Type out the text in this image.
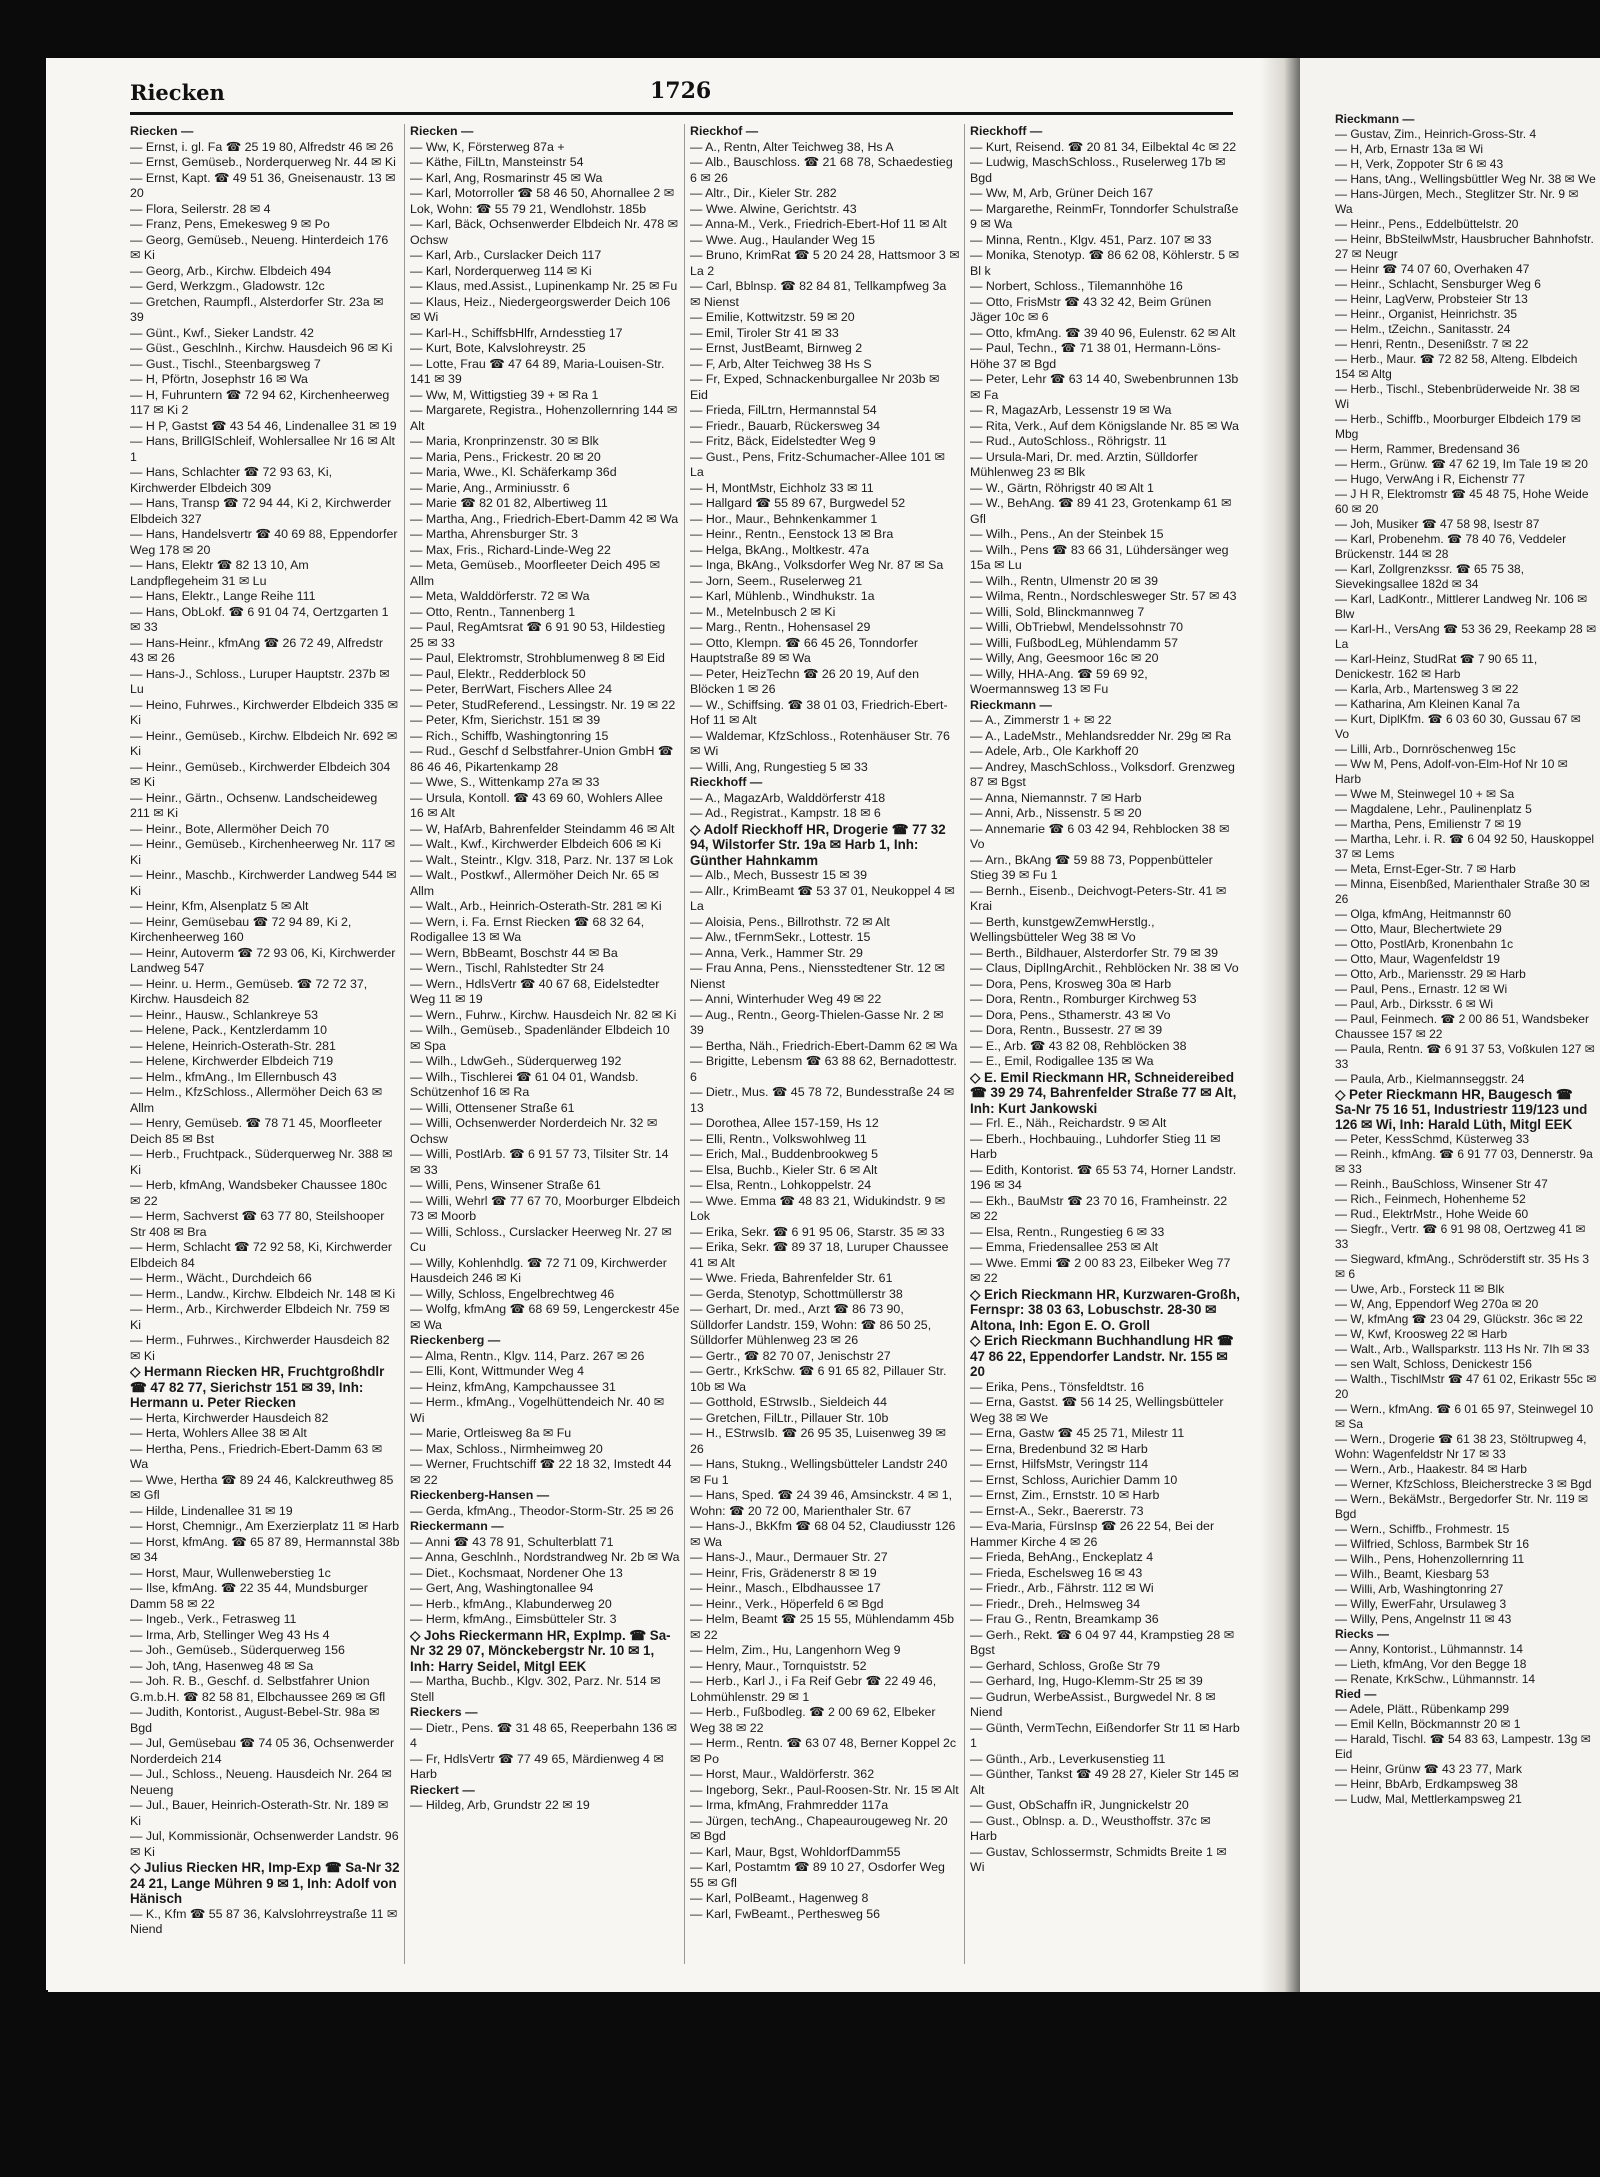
Riecken	1726

Riecken —

— Ernst, i. gl. Fa ☎ 25 19 80, Alfredstr 46 ✉ 26

— Ernst, Gemüseb., Norderquerweg Nr. 44 ✉ Ki

— Ernst, Kapt. ☎ 49 51 36, Gneisenaustr. 13 ✉ 20

— Flora, Seilerstr. 28 ✉ 4

— Franz, Pens, Emekesweg 9 ✉ Po

— Georg, Gemüseb., Neueng. Hinterdeich 176 ✉ Ki

— Georg, Arb., Kirchw. Elbdeich 494

— Gerd, Werkzgm., Gladowstr. 12c

— Gretchen, Raumpfl., Alsterdorfer Str. 23a ✉ 39

— Günt., Kwf., Sieker Landstr. 42

— Güst., Geschlnh., Kirchw. Hausdeich 96 ✉ Ki

— Gust., Tischl., Steenbargsweg 7

— H, Pförtn, Josephstr 16 ✉ Wa

— H, Fuhruntern ☎ 72 94 62, Kirchenheerweg 117 ✉ Ki 2

— H P, Gastst ☎ 43 54 46, Lindenallee 31 ✉ 19

— Hans, BrillGlSchleif, Wohlersallee Nr 16 ✉ Alt 1

— Hans, Schlachter ☎ 72 93 63, Ki, Kirchwerder Elbdeich 309

— Hans, Transp ☎ 72 94 44, Ki 2, Kirchwerder Elbdeich 327

— Hans, Handelsvertr ☎ 40 69 88, Eppendorfer Weg 178 ✉ 20

— Hans, Elektr ☎ 82 13 10, Am Landpflegeheim 31 ✉ Lu

— Hans, Elektr., Lange Reihe 111

— Hans, ObLokf. ☎ 6 91 04 74, Oertzgarten 1 ✉ 33

— Hans-Heinr., kfmAng ☎ 26 72 49, Alfredstr 43 ✉ 26

— Hans-J., Schloss., Luruper Hauptstr. 237b ✉ Lu

— Heino, Fuhrwes., Kirchwerder Elbdeich 335 ✉ Ki

— Heinr., Gemüseb., Kirchw. Elbdeich Nr. 692 ✉ Ki

— Heinr., Gemüseb., Kirchwerder Elbdeich 304 ✉ Ki

— Heinr., Gärtn., Ochsenw. Landscheideweg 211 ✉ Ki

— Heinr., Bote, Allermöher Deich 70

— Heinr., Gemüseb., Kirchenheerweg Nr. 117 ✉ Ki

— Heinr., Maschb., Kirchwerder Landweg 544 ✉ Ki

— Heinr, Kfm, Alsenplatz 5 ✉ Alt

— Heinr, Gemüsebau ☎ 72 94 89, Ki 2, Kirchenheerweg 160

— Heinr, Autoverm ☎ 72 93 06, Ki, Kirchwerder Landweg 547

— Heinr. u. Herm., Gemüseb. ☎ 72 72 37, Kirchw. Hausdeich 82

— Heinr., Hausw., Schlankreye 53

— Helene, Pack., Kentzlerdamm 10

— Helene, Heinrich-Osterath-Str. 281

— Helene, Kirchwerder Elbdeich 719

— Helm., kfmAng., Im Ellernbusch 43

— Helm., KfzSchloss., Allermöher Deich 63 ✉ Allm

— Henry, Gemüseb. ☎ 78 71 45, Moorfleeter Deich 85 ✉ Bst

— Herb., Fruchtpack., Süderquerweg Nr. 388 ✉ Ki

— Herb, kfmAng, Wandsbeker Chaussee 180c ✉ 22

— Herm, Sachverst ☎ 63 77 80, Steilshooper Str 408 ✉ Bra

— Herm, Schlacht ☎ 72 92 58, Ki, Kirchwerder Elbdeich 84

— Herm., Wächt., Durchdeich 66

— Herm., Landw., Kirchw. Elbdeich Nr. 148 ✉ Ki

— Herm., Arb., Kirchwerder Elbdeich Nr. 759 ✉ Ki

— Herm., Fuhrwes., Kirchwerder Hausdeich 82 ✉ Ki

◇ Hermann Riecken HR, Fruchtgroßhdlr ☎ 47 82 77, Sierichstr 151 ✉ 39, Inh: Hermann u. Peter Riecken

— Herta, Kirchwerder Hausdeich 82

— Herta, Wohlers Allee 38 ✉ Alt

— Hertha, Pens., Friedrich-Ebert-Damm 63 ✉ Wa

— Wwe, Hertha ☎ 89 24 46, Kalckreuthweg 85 ✉ Gfl

— Hilde, Lindenallee 31 ✉ 19

— Horst, Chemnigr., Am Exerzierplatz 11 ✉ Harb

— Horst, kfmAng. ☎ 65 87 89, Hermannstal 38b ✉ 34

— Horst, Maur, Wullenweberstieg 1c

— Ilse, kfmAng. ☎ 22 35 44, Mundsburger Damm 58 ✉ 22

— Ingeb., Verk., Fetrasweg 11

— Irma, Arb, Stellinger Weg 43 Hs 4

— Joh., Gemüseb., Süderquerweg 156

— Joh, tAng, Hasenweg 48 ✉ Sa

— Joh. R. B., Geschf. d. Selbstfahrer Union G.m.b.H. ☎ 82 58 81, Elbchaussee 269 ✉ Gfl

— Judith, Kontorist., August-Bebel-Str. 98a ✉ Bgd

— Jul, Gemüsebau ☎ 74 05 36, Ochsenwerder Norderdeich 214

— Jul., Schloss., Neueng. Hausdeich Nr. 264 ✉ Neueng

— Jul., Bauer, Heinrich-Osterath-Str. Nr. 189 ✉ Ki

— Jul, Kommissionär, Ochsenwerder Landstr. 96 ✉ Ki

◇ Julius Riecken HR, Imp-Exp ☎ Sa-Nr 32 24 21, Lange Mühren 9 ✉ 1, Inh: Adolf von Hänisch

— K., Kfm ☎ 55 87 36, Kalvslohrreystraße 11 ✉ Niend

Riecken —

— Ww, K, Försterweg 87a +

— Käthe, FilLtn, Mansteinstr 54

— Karl, Ang, Rosmarinstr 45 ✉ Wa

— Karl, Motorroller ☎ 58 46 50, Ahornallee 2 ✉ Lok, Wohn: ☎ 55 79 21, Wendlohstr. 185b

— Karl, Bäck, Ochsenwerder Elbdeich Nr. 478 ✉ Ochsw

— Karl, Arb., Curslacker Deich 117

— Karl, Norderquerweg 114 ✉ Ki

— Klaus, med.Assist., Lupinenkamp Nr. 25 ✉ Fu

— Klaus, Heiz., Niedergeorgswerder Deich 106 ✉ Wi

— Karl-H., SchiffsbHlfr, Arndesstieg 17

— Kurt, Bote, Kalvslohreystr. 25

— Lotte, Frau ☎ 47 64 89, Maria-Louisen-Str. 141 ✉ 39

— Ww, M, Wittigstieg 39 + ✉ Ra 1

— Margarete, Registra., Hohenzollernring 144 ✉ Alt

— Maria, Kronprinzenstr. 30 ✉ Blk

— Maria, Pens., Frickestr. 20 ✉ 20

— Maria, Wwe., Kl. Schäferkamp 36d

— Marie, Ang., Arminiusstr. 6

— Marie ☎ 82 01 82, Albertiweg 11

— Martha, Ang., Friedrich-Ebert-Damm 42 ✉ Wa

— Martha, Ahrensburger Str. 3

— Max, Fris., Richard-Linde-Weg 22

— Meta, Gemüseb., Moorfleeter Deich 495 ✉ Allm

— Meta, Walddörferstr. 72 ✉ Wa

— Otto, Rentn., Tannenberg 1

— Paul, RegAmtsrat ☎ 6 91 90 53, Hildestieg 25 ✉ 33

— Paul, Elektromstr, Strohblumenweg 8 ✉ Eid

— Paul, Elektr., Redderblock 50

— Peter, BerrWart, Fischers Allee 24

— Peter, StudReferend., Lessingstr. Nr. 19 ✉ 22

— Peter, Kfm, Sierichstr. 151 ✉ 39

— Rich., Schiffb, Washingtonring 15

— Rud., Geschf d Selbstfahrer-Union GmbH ☎ 86 46 46, Pikartenkamp 28

— Wwe, S., Wittenkamp 27a ✉ 33

— Ursula, Kontoll. ☎ 43 69 60, Wohlers Allee 16 ✉ Alt

— W, HafArb, Bahrenfelder Steindamm 46 ✉ Alt

— Walt., Kwf., Kirchwerder Elbdeich 606 ✉ Ki

— Walt., Steintr., Klgv. 318, Parz. Nr. 137 ✉ Lok

— Walt., Postkwf., Allermöher Deich Nr. 65 ✉ Allm

— Walt., Arb., Heinrich-Osterath-Str. 281 ✉ Ki

— Wern, i. Fa. Ernst Riecken ☎ 68 32 64, Rodigallee 13 ✉ Wa

— Wern, BbBeamt, Boschstr 44 ✉ Ba

— Wern., Tischl, Rahlstedter Str 24

— Wern., HdlsVertr ☎ 40 67 68, Eidelstedter Weg 11 ✉ 19

— Wern., Fuhrw., Kirchw. Hausdeich Nr. 82 ✉ Ki

— Wilh., Gemüseb., Spadenländer Elbdeich 10 ✉ Spa

— Wilh., LdwGeh., Süderquerweg 192

— Wilh., Tischlerei ☎ 61 04 01, Wandsb. Schützenhof 16 ✉ Ra

— Willi, Ottensener Straße 61

— Willi, Ochsenwerder Norderdeich Nr. 32 ✉ Ochsw

— Willi, PostlArb. ☎ 6 91 57 73, Tilsiter Str. 14 ✉ 33

— Willi, Pens, Winsener Straße 61

— Willi, Wehrl ☎ 77 67 70, Moorburger Elbdeich 73 ✉ Moorb

— Willi, Schloss., Curslacker Heerweg Nr. 27 ✉ Cu

— Willy, Kohlenhdlg. ☎ 72 71 09, Kirchwerder Hausdeich 246 ✉ Ki

— Willy, Schloss, Engelbrechtweg 46

— Wolfg, kfmAng ☎ 68 69 59, Lengerckestr 45e ✉ Wa

Rieckenberg —

— Alma, Rentn., Klgv. 114, Parz. 267 ✉ 26

— Elli, Kont, Wittmunder Weg 4

— Heinz, kfmAng, Kampchaussee 31

— Herm., kfmAng., Vogelhüttendeich Nr. 40 ✉ Wi

— Marie, Ortleisweg 8a ✉ Fu

— Max, Schloss., Nirmheimweg 20

— Werner, Fruchtschiff ☎ 22 18 32, Imstedt 44 ✉ 22

Rieckenberg-Hansen —

— Gerda, kfmAng., Theodor-Storm-Str. 25 ✉ 26

Rieckermann —

— Anni ☎ 43 78 91, Schulterblatt 71

— Anna, Geschlnh., Nordstrandweg Nr. 2b ✉ Wa

— Diet., Kochsmaat, Nordener Ohe 13

— Gert, Ang, Washingtonallee 94

— Herb., kfmAng., Klabunderweg 20

— Herm, kfmAng., Eimsbütteler Str. 3

◇ Johs Rieckermann HR, ExpImp. ☎ Sa-Nr 32 29 07, Mönckebergstr Nr. 10 ✉ 1, Inh: Harry Seidel, Mitgl EEK

— Martha, Buchb., Klgv. 302, Parz. Nr. 514 ✉ Stell

Rieckers —

— Dietr., Pens. ☎ 31 48 65, Reeperbahn 136 ✉ 4

— Fr, HdlsVertr ☎ 77 49 65, Märdienweg 4 ✉ Harb

Rieckert —

— Hildeg, Arb, Grundstr 22 ✉ 19

Rieckhof —

— A., Rentn, Alter Teichweg 38, Hs A

— Alb., Bauschloss. ☎ 21 68 78, Schaedestieg 6 ✉ 26

— Altr., Dir., Kieler Str. 282

— Wwe. Alwine, Gerichtstr. 43

— Anna-M., Verk., Friedrich-Ebert-Hof 11 ✉ Alt

— Wwe. Aug., Haulander Weg 15

— Bruno, KrimRat ☎ 5 20 24 28, Hattsmoor 3 ✉ La 2

— Carl, Bblnsp. ☎ 82 84 81, Tellkampfweg 3a ✉ Nienst

— Emilie, Kottwitzstr. 59 ✉ 20

— Emil, Tiroler Str 41 ✉ 33

— Ernst, JustBeamt, Birnweg 2

— F, Arb, Alter Teichweg 38 Hs S

— Fr, Exped, Schnackenburgallee Nr 203b ✉ Eid

— Frieda, FilLtrn, Hermannstal 54

— Friedr., Bauarb, Rückersweg 34

— Fritz, Bäck, Eidelstedter Weg 9

— Gust., Pens, Fritz-Schumacher-Allee 101 ✉ La

— H, MontMstr, Eichholz 33 ✉ 11

— Hallgard ☎ 55 89 67, Burgwedel 52

— Hor., Maur., Behnkenkammer 1

— Heinr., Rentn., Eenstock 13 ✉ Bra

— Helga, BkAng., Moltkestr. 47a

— Inga, BkAng., Volksdorfer Weg Nr. 87 ✉ Sa

— Jorn, Seem., Ruselerweg 21

— Karl, Mühlenb., Windhukstr. 1a

— M., Metelnbusch 2 ✉ Ki

— Marg., Rentn., Hohensasel 29

— Otto, Klempn. ☎ 66 45 26, Tonndorfer Hauptstraße 89 ✉ Wa

— Peter, HeizTechn ☎ 26 20 19, Auf den Blöcken 1 ✉ 26

— W., Schiffsing. ☎ 38 01 03, Friedrich-Ebert-Hof 11 ✉ Alt

— Waldemar, KfzSchloss., Rotenhäuser Str. 76 ✉ Wi

— Willi, Ang, Rungestieg 5 ✉ 33

Rieckhoff —

— A., MagazArb, Walddörferstr 418

— Ad., Registrat., Kampstr. 18 ✉ 6

◇ Adolf Rieckhoff HR, Drogerie ☎ 77 32 94, Wilstorfer Str. 19a ✉ Harb 1, Inh: Günther Hahnkamm

— Alb., Mech, Bussestr 15 ✉ 39

— Allr., KrimBeamt ☎ 53 37 01, Neukoppel 4 ✉ La

— Aloisia, Pens., Billrothstr. 72 ✉ Alt

— Alw., tFernmSekr., Lottestr. 15

— Anna, Verk., Hammer Str. 29

— Frau Anna, Pens., Niensstedtener Str. 12 ✉ Nienst

— Anni, Winterhuder Weg 49 ✉ 22

— Aug., Rentn., Georg-Thielen-Gasse Nr. 2 ✉ 39

— Bertha, Näh., Friedrich-Ebert-Damm 62 ✉ Wa

— Brigitte, Lebensm ☎ 63 88 62, Bernadottestr. 6

— Dietr., Mus. ☎ 45 78 72, Bundesstraße 24 ✉ 13

— Dorothea, Allee 157-159, Hs 12

— Elli, Rentn., Volkswohlweg 11

— Erich, Mal., Buddenbrookweg 5

— Elsa, Buchb., Kieler Str. 6 ✉ Alt

— Elsa, Rentn., Lohkoppelstr. 24

— Wwe. Emma ☎ 48 83 21, Widukindstr. 9 ✉ Lok

— Erika, Sekr. ☎ 6 91 95 06, Starstr. 35 ✉ 33

— Erika, Sekr. ☎ 89 37 18, Luruper Chaussee 41 ✉ Alt

— Wwe. Frieda, Bahrenfelder Str. 61

— Gerda, Stenotyp, Schottmüllerstr 38

— Gerhart, Dr. med., Arzt ☎ 86 73 90, Sülldorfer Landstr. 159, Wohn: ☎ 86 50 25, Sülldorfer Mühlenweg 23 ✉ 26

— Gertr., ☎ 82 70 07, Jenischstr 27

— Gertr., KrkSchw. ☎ 6 91 65 82, Pillauer Str. 10b ✉ Wa

— Gotthold, EStrwsIb., Sieldeich 44

— Gretchen, FilLtr., Pillauer Str. 10b

— H., EStrwsIb. ☎ 26 95 35, Luisenweg 39 ✉ 26

— Hans, Stukng., Wellingsbütteler Landstr 240 ✉ Fu 1

— Hans, Sped. ☎ 24 39 46, Amsinckstr. 4 ✉ 1, Wohn: ☎ 20 72 00, Marienthaler Str. 67

— Hans-J., BkKfm ☎ 68 04 52, Claudiusstr 126 ✉ Wa

— Hans-J., Maur., Dermauer Str. 27

— Heinr, Fris, Grädenerstr 8 ✉ 19

— Heinr., Masch., Elbdhaussee 17

— Heinr., Verk., Höperfeld 6 ✉ Bgd

— Helm, Beamt ☎ 25 15 55, Mühlendamm 45b ✉ 22

— Helm, Zim., Hu, Langenhorn Weg 9

— Henry, Maur., Tornquiststr. 52

— Herb., Karl J., i Fa Reif Gebr ☎ 22 49 46, Lohmühlenstr. 29 ✉ 1

— Herb., Fußbodleg. ☎ 2 00 69 62, Elbeker Weg 38 ✉ 22

— Herm., Rentn. ☎ 63 07 48, Berner Koppel 2c ✉ Po

— Horst, Maur., Waldörferstr. 362

— Ingeborg, Sekr., Paul-Roosen-Str. Nr. 15 ✉ Alt

— Irma, kfmAng, Frahmredder 117a

— Jürgen, techAng., Chapeaurougeweg Nr. 20 ✉ Bgd

— Karl, Maur, Bgst, WohldorfDamm55

— Karl, Postamtm ☎ 89 10 27, Osdorfer Weg 55 ✉ Gfl

— Karl, PolBeamt., Hagenweg 8

— Karl, FwBeamt., Perthesweg 56

Rieckhoff —

— Kurt, Reisend. ☎ 20 81 34, Eilbektal 4c ✉ 22

— Ludwig, MaschSchloss., Ruselerweg 17b ✉ Bgd

— Ww, M, Arb, Grüner Deich 167

— Margarethe, ReinmFr, Tonndorfer Schulstraße 9 ✉ Wa

— Minna, Rentn., Klgv. 451, Parz. 107 ✉ 33

— Monika, Stenotyp. ☎ 86 62 08, Köhlerstr. 5 ✉ Bl k

— Norbert, Schloss., Tilemannhöhe 16

— Otto, FrisMstr ☎ 43 32 42, Beim Grünen Jäger 10c ✉ 6

— Otto, kfmAng. ☎ 39 40 96, Eulenstr. 62 ✉ Alt

— Paul, Techn., ☎ 71 38 01, Hermann-Löns-Höhe 37 ✉ Bgd

— Peter, Lehr ☎ 63 14 40, Swebenbrunnen 13b ✉ Fa

— R, MagazArb, Lessenstr 19 ✉ Wa

— Rita, Verk., Auf dem Königslande Nr. 85 ✉ Wa

— Rud., AutoSchloss., Röhrigstr. 11

— Ursula-Mari, Dr. med. Arztin, Sülldorfer Mühlenweg 23 ✉ Blk

— W., Gärtn, Röhrigstr 40 ✉ Alt 1

— W., BehAng. ☎ 89 41 23, Grotenkamp 61 ✉ Gfl

— Wilh., Pens., An der Steinbek 15

— Wilh., Pens ☎ 83 66 31, Lühdersänger weg 15a ✉ Lu

— Wilh., Rentn, Ulmenstr 20 ✉ 39

— Wilma, Rentn., Nordschlesweger Str. 57 ✉ 43

— Willi, Sold, Blinckmannweg 7

— Willi, ObTriebwl, Mendelssohnstr 70

— Willi, FußbodLeg, Mühlendamm 57

— Willy, Ang, Geesmoor 16c ✉ 20

— Willy, HHA-Ang. ☎ 59 69 92, Woermannsweg 13 ✉ Fu

Rieckmann —

— A., Zimmerstr 1 + ✉ 22

— A., LadeMstr., Mehlandsredder Nr. 29g ✉ Ra

— Adele, Arb., Ole Karkhoff 20

— Andrey, MaschSchloss., Volksdorf. Grenzweg 87 ✉ Bgst

— Anna, Niemannstr. 7 ✉ Harb

— Anni, Arb., Nissenstr. 5 ✉ 20

— Annemarie ☎ 6 03 42 94, Rehblocken 38 ✉ Vo

— Arn., BkAng ☎ 59 88 73, Poppenbütteler Stieg 39 ✉ Fu 1

— Bernh., Eisenb., Deichvogt-Peters-Str. 41 ✉ Krai

— Berth, kunstgewZemwHerstlg., Wellingsbütteler Weg 38 ✉ Vo

— Berth., Bildhauer, Alsterdorfer Str. 79 ✉ 39

— Claus, DiplIngArchit., Rehblöcken Nr. 38 ✉ Vo

— Dora, Pens, Krosweg 30a ✉ Harb

— Dora, Rentn., Romburger Kirchweg 53

— Dora, Pens., Sthamerstr. 43 ✉ Vo

— Dora, Rentn., Bussestr. 27 ✉ 39

— E., Arb. ☎ 43 82 08, Rehblöcken 38

— E., Emil, Rodigallee 135 ✉ Wa

◇ E. Emil Rieckmann HR, Schneidereibed ☎ 39 29 74, Bahrenfelder Straße 77 ✉ Alt, Inh: Kurt Jankowski

— Frl. E., Näh., Reichardstr. 9 ✉ Alt

— Eberh., Hochbauing., Luhdorfer Stieg 11 ✉ Harb

— Edith, Kontorist. ☎ 65 53 74, Horner Landstr. 196 ✉ 34

— Ekh., BauMstr ☎ 23 70 16, Framheinstr. 22 ✉ 22

— Elsa, Rentn., Rungestieg 6 ✉ 33

— Emma, Friedensallee 253 ✉ Alt

— Wwe. Emmi ☎ 2 00 83 23, Eilbeker Weg 77 ✉ 22

◇ Erich Rieckmann HR, Kurzwaren-Großh, Fernspr: 38 03 63, Lobuschstr. 28-30 ✉ Altona, Inh: Egon E. O. Groll

◇ Erich Rieckmann Buchhandlung HR ☎ 47 86 22, Eppendorfer Landstr. Nr. 155 ✉ 20

— Erika, Pens., Tönsfeldtstr. 16

— Erna, Gastst. ☎ 56 14 25, Wellingsbütteler Weg 38 ✉ We

— Erna, Gastw ☎ 45 25 71, Milestr 11

— Erna, Bredenbund 32 ✉ Harb

— Ernst, HilfsMstr, Veringstr 114

— Ernst, Schloss, Aurichier Damm 10

— Ernst, Zim., Ernststr. 10 ✉ Harb

— Ernst-A., Sekr., Baererstr. 73

— Eva-Maria, FürsInsp ☎ 26 22 54, Bei der Hammer Kirche 4 ✉ 26

— Frieda, BehAng., Enckeplatz 4

— Frieda, Eschelsweg 16 ✉ 43

— Friedr., Arb., Fährstr. 112 ✉ Wi

— Friedr., Dreh., Helmsweg 34

— Frau G., Rentn, Breamkamp 36

— Gerh., Rekt. ☎ 6 04 97 44, Krampstieg 28 ✉ Bgst

— Gerhard, Schloss, Große Str 79

— Gerhard, Ing, Hugo-Klemm-Str 25 ✉ 39

— Gudrun, WerbeAssist., Burgwedel Nr. 8 ✉ Niend

— Günth, VermTechn, Eißendorfer Str 11 ✉ Harb 1

— Günth., Arb., Leverkusenstieg 11

— Günther, Tankst ☎ 49 28 27, Kieler Str 145 ✉ Alt

— Gust, ObSchaffn iR, Jungnickelstr 20

— Gust., Oblnsp. a. D., Weusthoffstr. 37c ✉ Harb

— Gustav, Schlossermstr, Schmidts Breite 1 ✉ Wi

Rieckmann —

— Gustav, Zim., Heinrich-Gross-Str. 4

— H, Arb, Ernastr 13a ✉ Wi

— H, Verk, Zoppoter Str 6 ✉ 43

— Hans, tAng., Wellingsbüttler Weg Nr. 38 ✉ We

— Hans-Jürgen, Mech., Steglitzer Str. Nr. 9 ✉ Wa

— Heinr., Pens., Eddelbüttelstr. 20

— Heinr, BbSteilwMstr, Hausbrucher Bahnhofstr. 27 ✉ Neugr

— Heinr ☎ 74 07 60, Overhaken 47

— Heinr., Schlacht, Sensburger Weg 6

— Heinr, LagVerw, Probsteier Str 13

— Heinr., Organist, Heinrichstr. 35

— Helm., tZeichn., Sanitasstr. 24

— Henri, Rentn., Desenißstr. 7 ✉ 22

— Herb., Maur. ☎ 72 82 58, Alteng. Elbdeich 154 ✉ Altg

— Herb., Tischl., Stebenbrüderweide Nr. 38 ✉ Wi

— Herb., Schiffb., Moorburger Elbdeich 179 ✉ Mbg

— Herm, Rammer, Bredensand 36

— Herm., Grünw. ☎ 47 62 19, Im Tale 19 ✉ 20

— Hugo, VerwAng i R, Eichenstr 77

— J H R, Elektromstr ☎ 45 48 75, Hohe Weide 60 ✉ 20

— Joh, Musiker ☎ 47 58 98, Isestr 87

— Karl, Probenehm. ☎ 78 40 76, Veddeler Brückenstr. 144 ✉ 28

— Karl, Zollgrenzkssr. ☎ 65 75 38, Sievekingsallee 182d ✉ 34

— Karl, LadKontr., Mittlerer Landweg Nr. 106 ✉ Blw

— Karl-H., VersAng ☎ 53 36 29, Reekamp 28 ✉ La

— Karl-Heinz, StudRat ☎ 7 90 65 11, Denickestr. 162 ✉ Harb

— Karla, Arb., Martensweg 3 ✉ 22

— Katharina, Am Kleinen Kanal 7a

— Kurt, DiplKfm. ☎ 6 03 60 30, Gussau 67 ✉ Vo

— Lilli, Arb., Dornröschenweg 15c

— Ww M, Pens, Adolf-von-Elm-Hof Nr 10 ✉ Harb

— Wwe M, Steinwegel 10 + ✉ Sa

— Magdalene, Lehr., Paulinenplatz 5

— Martha, Pens, Emilienstr 7 ✉ 19

— Martha, Lehr. i. R. ☎ 6 04 92 50, Hauskoppel 37 ✉ Lems

— Meta, Ernst-Eger-Str. 7 ✉ Harb

— Minna, Eisenbßed, Marienthaler Straße 30 ✉ 26

— Olga, kfmAng, Heitmannstr 60

— Otto, Maur, Blechertwiete 29

— Otto, PostlArb, Kronenbahn 1c

— Otto, Maur, Wagenfeldstr 19

— Otto, Arb., Mariensstr. 29 ✉ Harb

— Paul, Pens., Ernastr. 12 ✉ Wi

— Paul, Arb., Dirksstr. 6 ✉ Wi

— Paul, Feinmech. ☎ 2 00 86 51, Wandsbeker Chaussee 157 ✉ 22

— Paula, Rentn. ☎ 6 91 37 53, Voßkulen 127 ✉ 33

— Paula, Arb., Kielmannseggstr. 24

◇ Peter Rieckmann HR, Baugesch ☎ Sa-Nr 75 16 51, Industriestr 119/123 und 126 ✉ Wi, Inh: Harald Lüth, Mitgl EEK

— Peter, KessSchmd, Küsterweg 33

— Reinh., kfmAng. ☎ 6 91 77 03, Dennerstr. 9a ✉ 33

— Reinh., BauSchloss, Winsener Str 47

— Rich., Feinmech, Hohenheme 52

— Rud., ElektrMstr., Hohe Weide 60

— Siegfr., Vertr. ☎ 6 91 98 08, Oertzweg 41 ✉ 33

— Siegward, kfmAng., Schröderstift str. 35 Hs 3 ✉ 6

— Uwe, Arb., Forsteck 11 ✉ Blk

— W, Ang, Eppendorf Weg 270a ✉ 20

— W, kfmAng ☎ 23 04 29, Glückstr. 36c ✉ 22

— W, Kwf, Kroosweg 22 ✉ Harb

— Walt., Arb., Wallsparkstr. 113 Hs Nr. 7Ih ✉ 33

— sen Walt, Schloss, Denickestr 156

— Walth., TischlMstr ☎ 47 61 02, Erikastr 55c ✉ 20

— Wern., kfmAng. ☎ 6 01 65 97, Steinwegel 10 ✉ Sa

— Wern., Drogerie ☎ 61 38 23, Stöltrupweg 4, Wohn: Wagenfeldstr Nr 17 ✉ 33

— Wern., Arb., Haakestr. 84 ✉ Harb

— Werner, KfzSchloss, Bleicherstrecke 3 ✉ Bgd

— Wern., BekäMstr., Bergedorfer Str. Nr. 119 ✉ Bgd

— Wern., Schiffb., Frohmestr. 15

— Wilfried, Schloss, Barmbek Str 16

— Wilh., Pens, Hohenzollernring 11

— Wilh., Beamt, Kiesbarg 53

— Willi, Arb, Washingtonring 27

— Willy, EwerFahr, Ursulaweg 3

— Willy, Pens, Angelnstr 11 ✉ 43

Riecks —

— Anny, Kontorist., Lühmannstr. 14

— Lieth, kfmAng, Vor den Begge 18

— Renate, KrkSchw., Lühmannstr. 14

Ried —

— Adele, Plätt., Rübenkamp 299

— Emil Kelln, Böckmannstr 20 ✉ 1

— Harald, Tischl. ☎ 54 83 63, Lampestr. 13g ✉ Eid

— Heinr, Grünw ☎ 43 23 77, Mark

— Heinr, BbArb, Erdkampsweg 38

— Ludw, Mal, Mettlerkampsweg 21
